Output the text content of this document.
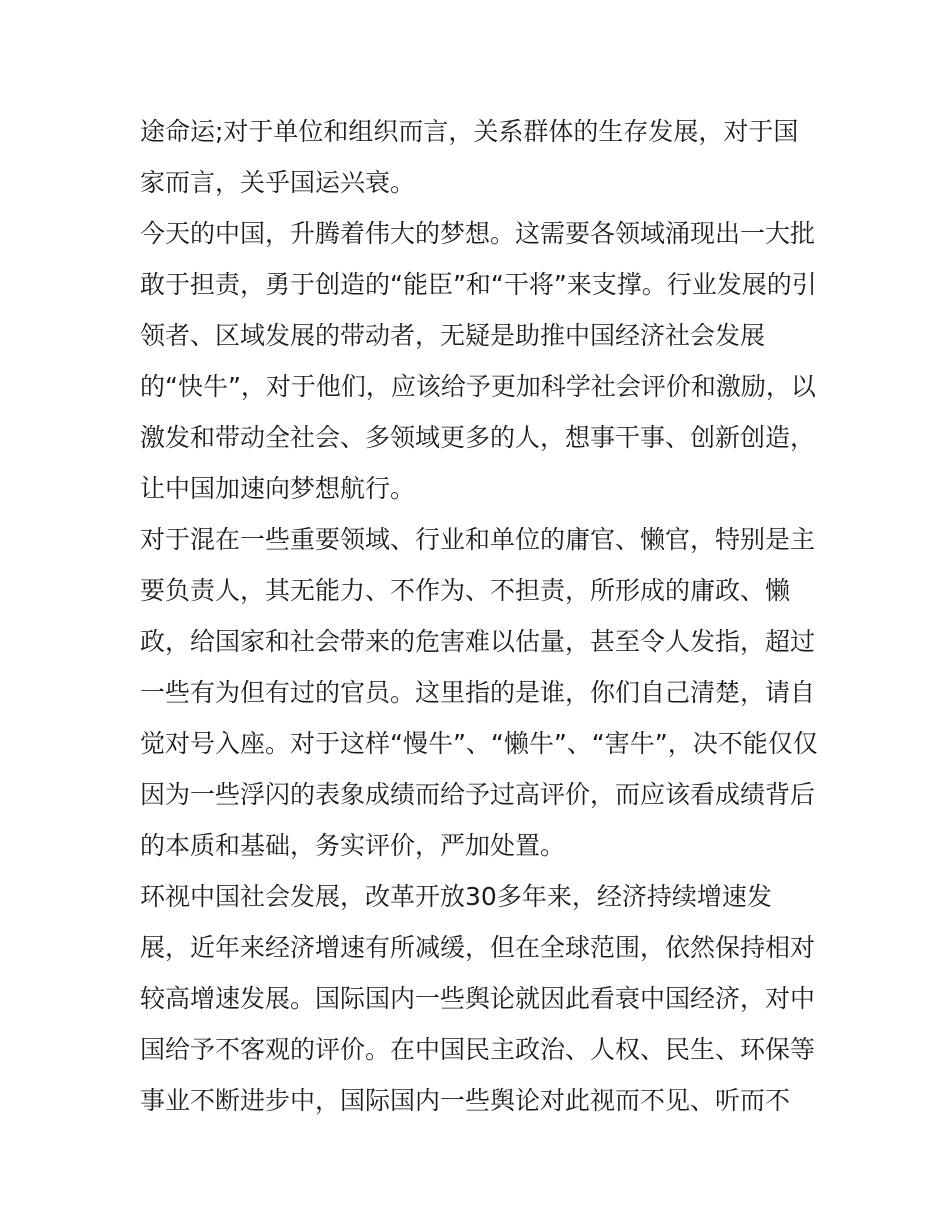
途命运;对于单位和组织而言，关系群体的生存发展，对于国
家而言，关乎国运兴衰。
今天的中国，升腾着伟大的梦想。这需要各领域涌现出一大批
敢于担责，勇于创造的“能臣”和“干将”来支撑。行业发展的引
领者、区域发展的带动者，无疑是助推中国经济社会发展
的“快牛”，对于他们，应该给予更加科学社会评价和激励，以
激发和带动全社会、多领域更多的人，想事干事、创新创造，
让中国加速向梦想航行。
对于混在一些重要领域、行业和单位的庸官、懒官，特别是主
要负责人，其无能力、不作为、不担责，所形成的庸政、懒
政，给国家和社会带来的危害难以估量，甚至令人发指，超过
一些有为但有过的官员。这里指的是谁，你们自己清楚，请自
觉对号入座。对于这样“慢牛”、“懒牛”、“害牛”，决不能仅仅
因为一些浮闪的表象成绩而给予过高评价，而应该看成绩背后
的本质和基础，务实评价，严加处置。
环视中国社会发展，改革开放30多年来，经济持续增速发
展，近年来经济增速有所减缓，但在全球范围，依然保持相对
较高增速发展。国际国内一些舆论就因此看衰中国经济，对中
国给予不客观的评价。在中国民主政治、人权、民生、环保等
事业不断进步中，国际国内一些舆论对此视而不见、听而不
